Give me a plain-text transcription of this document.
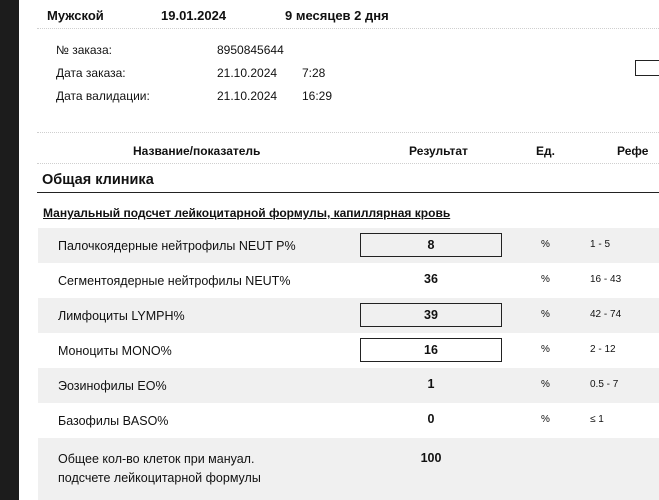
Мужской	19.01.2024	9 месяцев 2 дня
№ заказа:	8950845644
Дата заказа:	21.10.2024 7:28
Дата валидации:	21.10.2024 16:29
Название/показатель	Результат	Ед.	Рефе
Общая клиника
Мануальный подсчет лейкоцитарной формулы, капиллярная кровь
Палочкоядерные нейтрофилы NEUT P%	8	%	1 - 5
Сегментоядерные нейтрофилы NEUT%	36	%	16 - 43
Лимфоциты LYMPH%	39	%	42 - 74
Моноциты MONO%	16	%	2 - 12
Эозинофилы EO%	1	%	0.5 - 7
Базофилы BASO%	0	%	≤ 1
Общее кол-во клеток при мануал.
подсчете лейкоцитарной формулы
100
